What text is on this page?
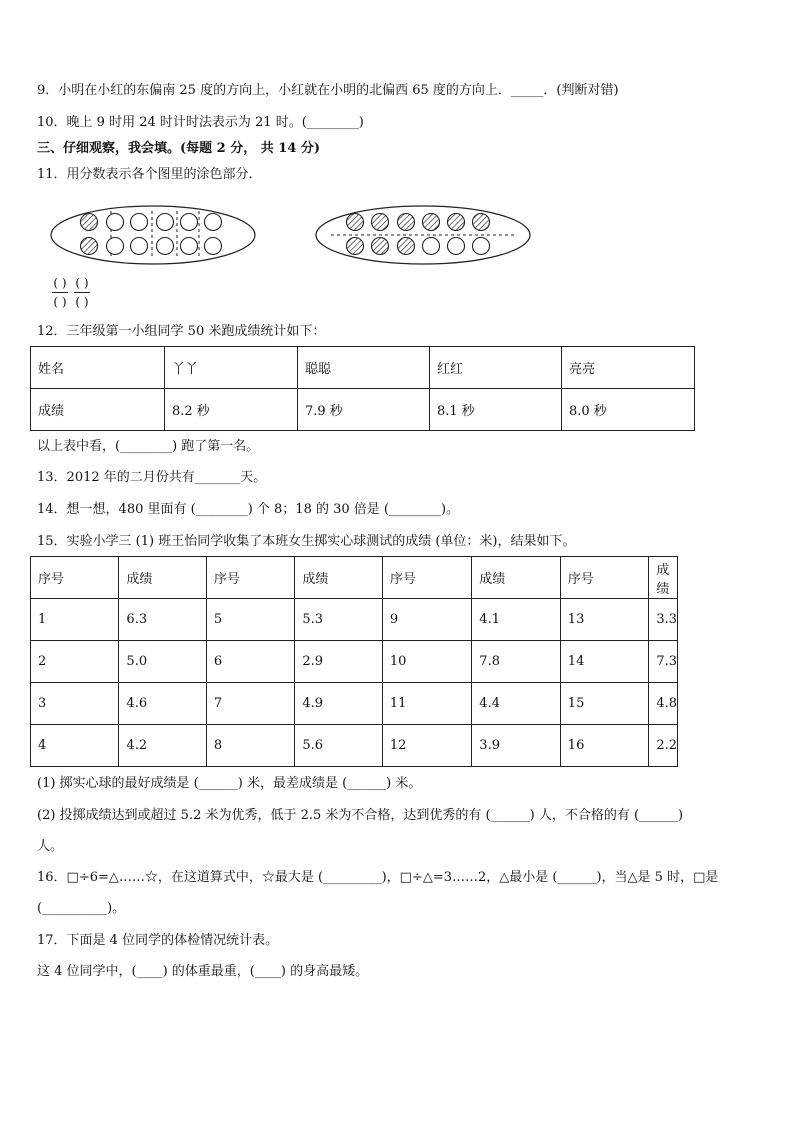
9．小明在小红的东偏南 25 度的方向上，小红就在小明的北偏西 65 度的方向上．_____．(判断对错)
10．晚上 9 时用 24 时计时法表示为 21 时。(________)
三、仔细观察，我会填。(每题 2 分， 共 14 分)
11．用分数表示各个图里的涂色部分．
( )
( )
( )
( )
12．三年级第一小组同学 50 米跑成绩统计如下：
姓名	丫丫	聪聪	红红	亮亮
成绩	8.2 秒	7.9 秒	8.1 秒	8.0 秒
以上表中看，(________) 跑了第一名。
13．2012 年的二月份共有_______天。
14．想一想，480 里面有 (________) 个 8；18 的 30 倍是 (________)。
15．实验小学三 (1) 班王怡同学收集了本班女生掷实心球测试的成绩 (单位：米)，结果如下。
序号	成绩	序号	成绩	序号	成绩	序号	成绩
1	6.3	5	5.3	9	4.1	13	3.3
2	5.0	6	2.9	10	7.8	14	7.3
3	4.6	7	4.9	11	4.4	15	4.8
4	4.2	8	5.6	12	3.9	16	2.2
(1) 掷实心球的最好成绩是 (______) 米，最差成绩是 (______) 米。
(2) 投掷成绩达到或超过 5.2 米为优秀，低于 2.5 米为不合格，达到优秀的有 (______) 人，不合格的有 (______)
人。
16．□÷6=△……☆，在这道算式中，☆最大是 (_________)，□÷△=3……2，△最小是 (______)，当△是 5 时，□是
(__________)。
17．下面是 4 位同学的体检情况统计表。
这 4 位同学中，(____) 的体重最重，(____) 的身高最矮。
